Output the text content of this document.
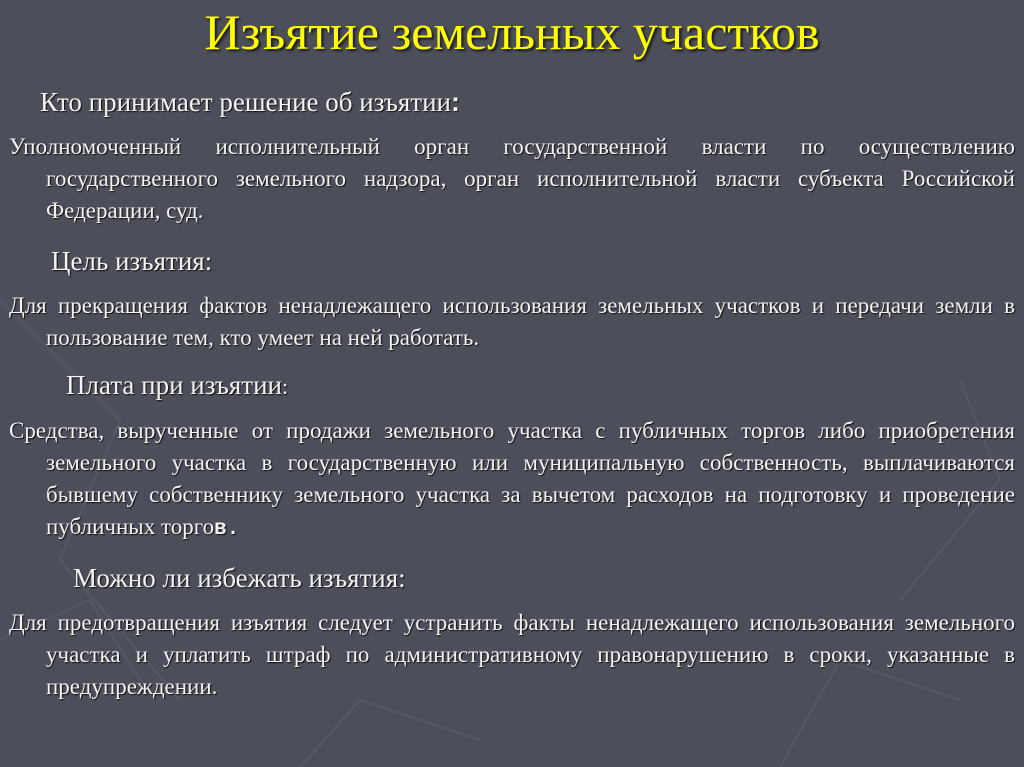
Изъятие земельных участков
Кто принимает решение об изъятии:
Уполномоченный исполнительный орган государственной власти по осуществлению государственного земельного надзора, орган исполнительной власти субъекта Российской Федерации, суд.
Цель изъятия:
Для прекращения фактов ненадлежащего использования земельных участков и передачи земли в пользование тем, кто умеет на ней работать.
Плата при изъятии:
Средства, вырученные от продажи земельного участка с публичных торгов либо приобретения земельного участка в государственную или муниципальную собственность, выплачиваются бывшему собственнику земельного участка за вычетом расходов на подготовку и проведение публичных торгов.
Можно ли избежать изъятия:
Для предотвращения изъятия следует устранить факты ненадлежащего использования земельного участка и уплатить штраф по административному правонарушению в сроки, указанные в предупреждении.
